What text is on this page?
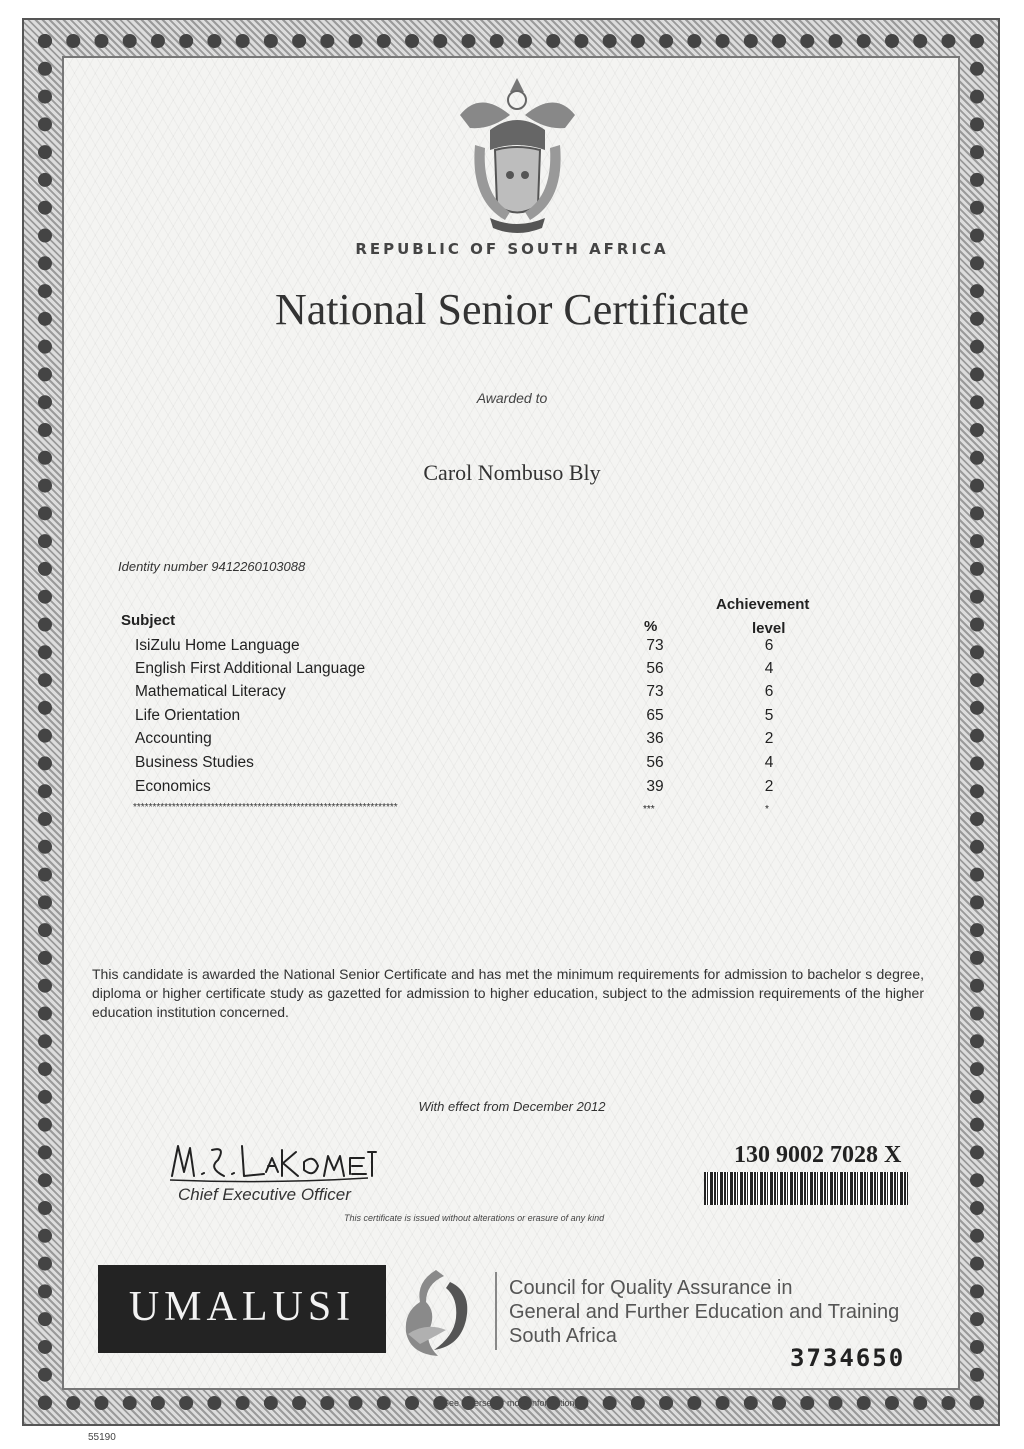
REPUBLIC OF SOUTH AFRICA
National Senior Certificate
Awarded to
Carol Nombuso Bly
Identity number 9412260103088
Achievement
Subject	%	level
IsiZulu Home Language	73	6
English First Additional Language	56	4
Mathematical Literacy	73	6
Life Orientation	65	5
Accounting	36	2
Business Studies	56	4
Economics	39	2
********************************************************************	***	*
This candidate is awarded the National Senior Certificate and has met the minimum requirements for admission to bachelor s degree, diploma or higher certificate study as gazetted for admission to higher education, subject to the admission requirements of the higher education institution concerned.
With effect from December 2012
Chief Executive Officer
This certificate is issued without alterations or erasure of any kind
130 9002 7028 X
UMALUSI	Council for Quality Assurance in
General and Further Education and Training
South Africa
3734650
(See reverse for more information)
55190
